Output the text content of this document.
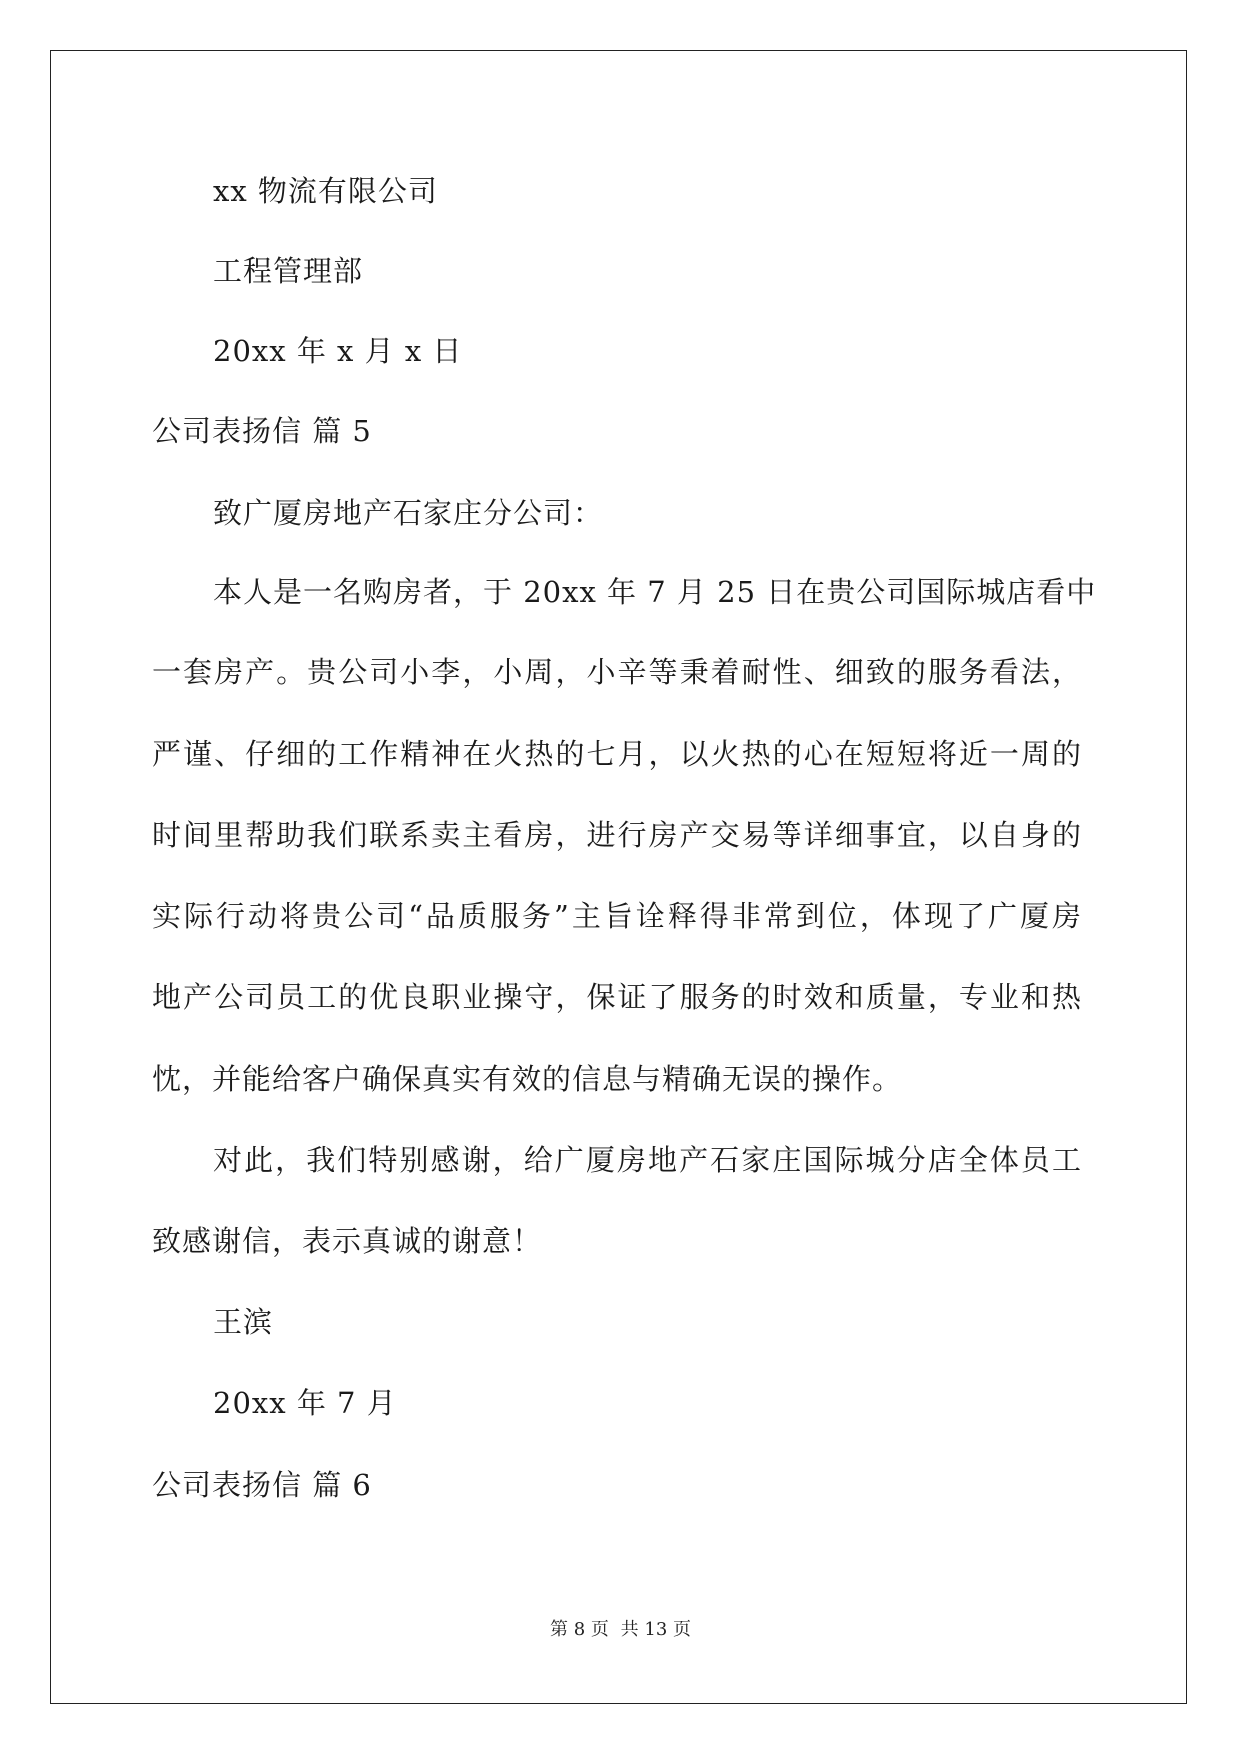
xx 物流有限公司
工程管理部
20xx 年 x 月 x 日
公司表扬信 篇 5
致广厦房地产石家庄分公司：
本人是一名购房者，于 20xx 年 7 月 25 日在贵公司国际城店看中
一套房产。贵公司小李，小周，小辛等秉着耐性、细致的服务看法，
严谨、仔细的工作精神在火热的七月，以火热的心在短短将近一周的
时间里帮助我们联系卖主看房，进行房产交易等详细事宜，以自身的
实际行动将贵公司“品质服务”主旨诠释得非常到位，体现了广厦房
地产公司员工的优良职业操守，保证了服务的时效和质量，专业和热
忱，并能给客户确保真实有效的信息与精确无误的操作。
对此，我们特别感谢，给广厦房地产石家庄国际城分店全体员工
致感谢信，表示真诚的谢意！
王滨
20xx 年 7 月
公司表扬信 篇 6
第 8 页 共 13 页
